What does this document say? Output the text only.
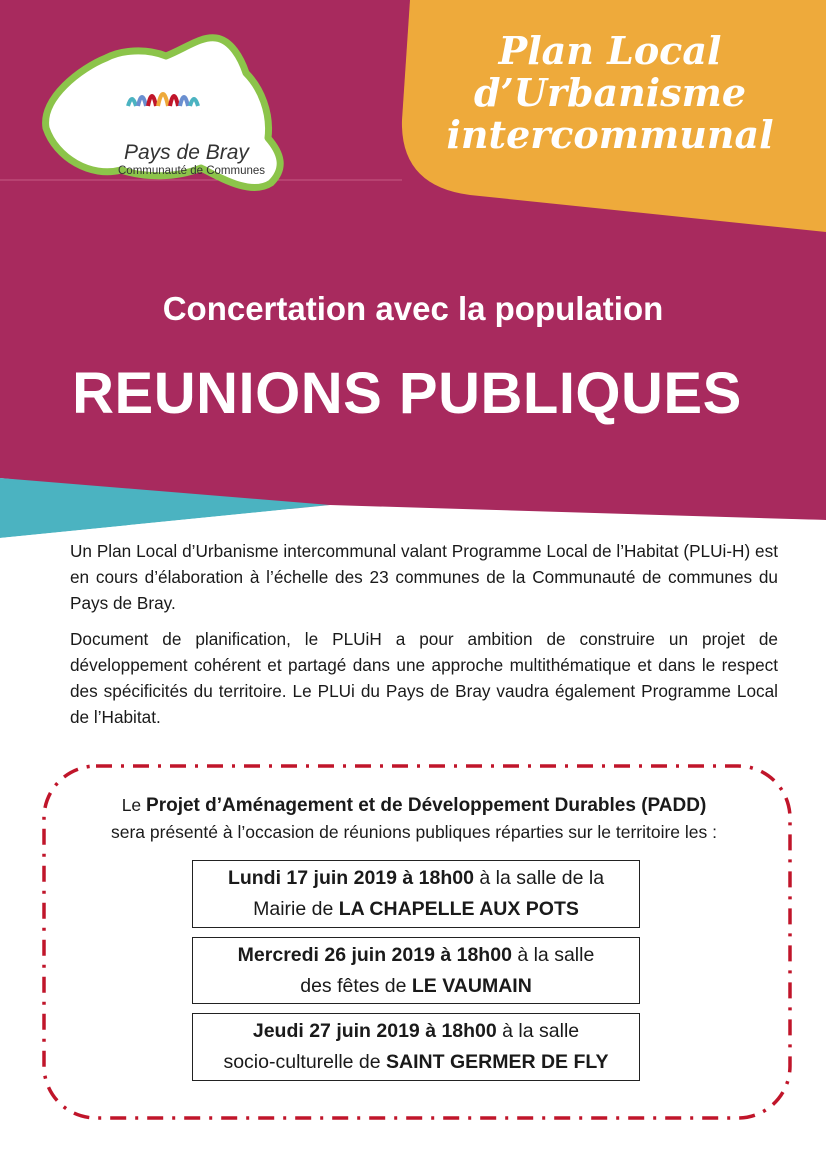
Pays de Bray
Communauté de Communes
Plan Local
d’Urbanisme
intercommunal
Concertation avec la population
REUNIONS PUBLIQUES

Un Plan Local d’Urbanisme intercommunal valant Programme Local de l’Habitat (PLUi-H) est en cours d’élaboration à l’échelle des 23 communes de la Communauté de communes du Pays de Bray.

Document de planification, le PLUiH a pour ambition de construire un projet de développement cohérent et partagé dans une approche multithématique et dans le respect des spécificités du territoire. Le PLUi du Pays de Bray vaudra également Programme Local de l’Habitat.

Le Projet d’Aménagement et de Développement Durables (PADD)
sera présenté à l’occasion de réunions publiques réparties sur le territoire les :
Lundi 17 juin 2019 à 18h00 à la salle de la
Mairie de LA CHAPELLE AUX POTS
Mercredi 26 juin 2019 à 18h00 à la salle
des fêtes de LE VAUMAIN
Jeudi 27 juin 2019 à 18h00 à la salle
socio-culturelle de SAINT GERMER DE FLY
